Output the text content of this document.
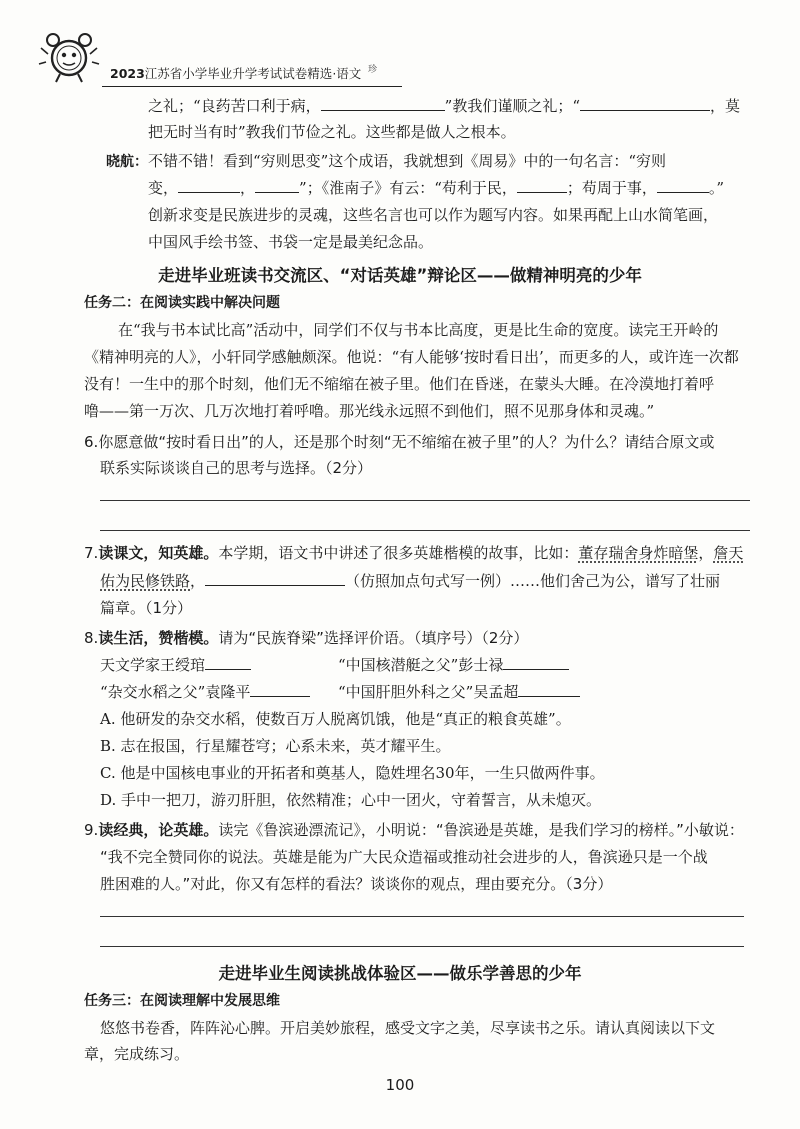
2023江苏省小学毕业升学考试试卷精选·语文 珍
之礼；“良药苦口利于病，	”教我们谨顺之礼；“	，莫
把无时当有时”教我们节俭之礼。这些都是做人之根本。
晓航：不错不错！看到“穷则思变”这个成语，我就想到《周易》中的一句名言：“穷则
变，	，	”；《淮南子》有云：“苟利于民，	；苟周于事，	。”
创新求变是民族进步的灵魂，这些名言也可以作为题写内容。如果再配上山水简笔画，
中国风手绘书签、书袋一定是最美纪念品。
走进毕业班读书交流区、“对话英雄”辩论区——做精神明亮的少年
任务二：在阅读实践中解决问题
在“我与书本试比高”活动中，同学们不仅与书本比高度，更是比生命的宽度。读完王开岭的
《精神明亮的人》，小轩同学感触颇深。他说：“有人能够‘按时看日出’，而更多的人，或许连一次都
没有！一生中的那个时刻，他们无不缩缩在被子里。他们在昏迷，在蒙头大睡。在冷漠地打着呼
噜——第一万次、几万次地打着呼噜。那光线永远照不到他们，照不见那身体和灵魂。”
6.你愿意做“按时看日出”的人，还是那个时刻“无不缩缩在被子里”的人？为什么？请结合原文或
联系实际谈谈自己的思考与选择。（2分）
7.读课文，知英雄。本学期，语文书中讲述了很多英雄楷模的故事，比如：董存瑞舍身炸暗堡，詹天
佑为民修铁路，	（仿照加点句式写一例）……他们舍己为公，谱写了壮丽
篇章。（1分）
8.读生活，赞楷模。请为“民族脊梁”选择评价语。（填序号）（2分）
天文学家王绶琯	“中国核潜艇之父”彭士禄
“杂交水稻之父”袁隆平	“中国肝胆外科之父”吴孟超
A. 他研发的杂交水稻，使数百万人脱离饥饿，他是“真正的粮食英雄”。
B. 志在报国，行星耀苍穹；心系未来，英才耀平生。
C. 他是中国核电事业的开拓者和奠基人，隐姓埋名30年，一生只做两件事。
D. 手中一把刀，游刃肝胆，依然精准；心中一团火，守着誓言，从未熄灭。
9.读经典，论英雄。读完《鲁滨逊漂流记》，小明说：“鲁滨逊是英雄，是我们学习的榜样。”小敏说：
“我不完全赞同你的说法。英雄是能为广大民众造福或推动社会进步的人，鲁滨逊只是一个战
胜困难的人。”对此，你又有怎样的看法？谈谈你的观点，理由要充分。（3分）
走进毕业生阅读挑战体验区——做乐学善思的少年
任务三：在阅读理解中发展思维
悠悠书卷香，阵阵沁心脾。开启美妙旅程，感受文字之美，尽享读书之乐。请认真阅读以下文
章，完成练习。
100
